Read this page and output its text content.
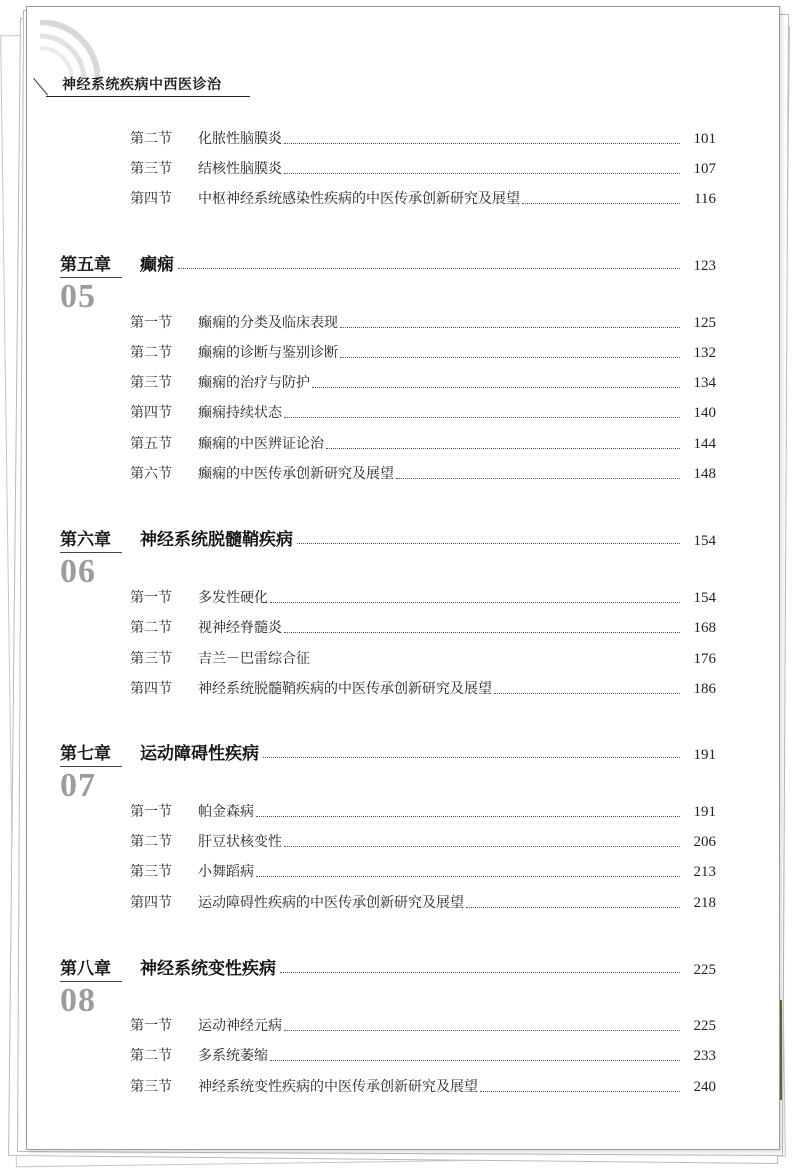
神经系统疾病中西医诊治
第二节	化脓性脑膜炎	101
第三节	结核性脑膜炎	107
第四节	中枢神经系统感染性疾病的中医传承创新研究及展望	116
第五章	癫痫	123
05
第一节	癫痫的分类及临床表现	125
第二节	癫痫的诊断与鉴别诊断	132
第三节	癫痫的治疗与防护	134
第四节	癫痫持续状态	140
第五节	癫痫的中医辨证论治	144
第六节	癫痫的中医传承创新研究及展望	148
第六章	神经系统脱髓鞘疾病	154
06
第一节	多发性硬化	154
第二节	视神经脊髓炎	168
第三节	吉兰－巴雷综合征	176
第四节	神经系统脱髓鞘疾病的中医传承创新研究及展望	186
第七章	运动障碍性疾病	191
07
第一节	帕金森病	191
第二节	肝豆状核变性	206
第三节	小舞蹈病	213
第四节	运动障碍性疾病的中医传承创新研究及展望	218
第八章	神经系统变性疾病	225
08
第一节	运动神经元病	225
第二节	多系统萎缩	233
第三节	神经系统变性疾病的中医传承创新研究及展望	240
